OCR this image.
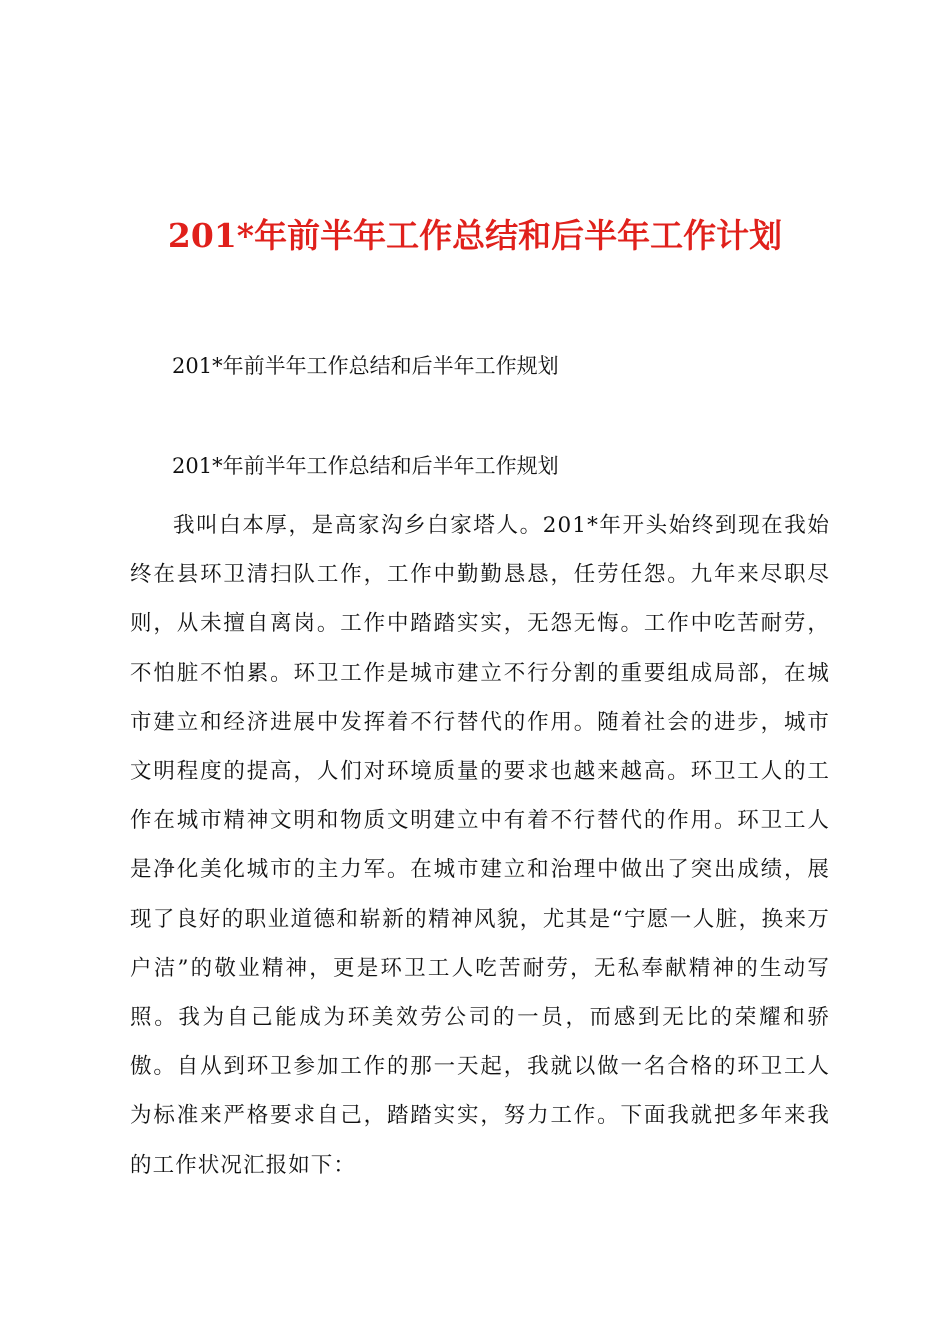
201*年前半年工作总结和后半年工作计划

201*年前半年工作总结和后半年工作规划

201*年前半年工作总结和后半年工作规划

我叫白本厚，是高家沟乡白家塔人。201*年开头始终到现在我始终在县环卫清扫队工作，工作中勤勤恳恳，任劳任怨。九年来尽职尽则，从未擅自离岗。工作中踏踏实实，无怨无悔。工作中吃苦耐劳，不怕脏不怕累。环卫工作是城市建立不行分割的重要组成局部，在城市建立和经济进展中发挥着不行替代的作用。随着社会的进步，城市文明程度的提高，人们对环境质量的要求也越来越高。环卫工人的工作在城市精神文明和物质文明建立中有着不行替代的作用。环卫工人是净化美化城市的主力军。在城市建立和治理中做出了突出成绩，展现了良好的职业道德和崭新的精神风貌，尤其是“宁愿一人脏，换来万户洁”的敬业精神，更是环卫工人吃苦耐劳，无私奉献精神的生动写照。我为自己能成为环美效劳公司的一员，而感到无比的荣耀和骄傲。自从到环卫参加工作的那一天起，我就以做一名合格的环卫工人为标准来严格要求自己，踏踏实实，努力工作。下面我就把多年来我的工作状况汇报如下：
